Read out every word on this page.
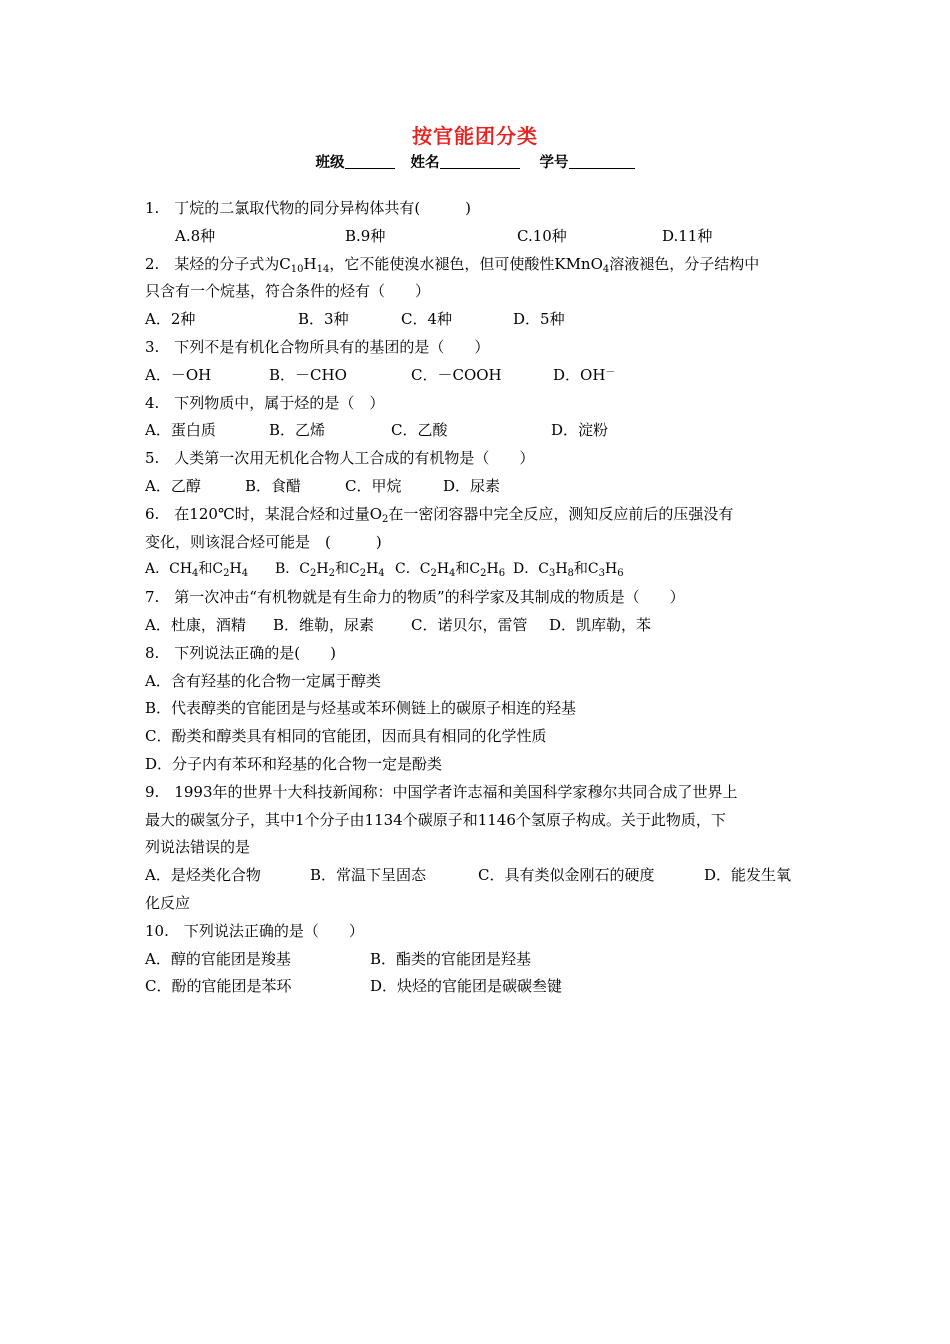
按官能团分类
班级	姓名	学号
1.　丁烷的二氯取代物的同分异构体共有(　　　)
A.8种	B.9种	C.10种	D.11种
2.　某烃的分子式为$C_{10}H_{14}$，它不能使溴水褪色，但可使酸性KMnO$_4$溶液褪色，分子结构中
只含有一个烷基，符合条件的烃有（　　）
A．2种	B．3种	C．4种	D．5种
3.　下列不是有机化合物所具有的基团的是（　　）
A．－OH	B．－CHO	C．－COOH	D．OH－
4.　下列物质中，属于烃的是（　）
A．蛋白质	B．乙烯	C．乙酸	D．淀粉
5.　人类第一次用无机化合物人工合成的有机物是（　　）
A．乙醇	B．食醋	C．甲烷	D．尿素
6.　在120℃时，某混合烃和过量$O_2$在一密闭容器中完全反应，测知反应前后的压强没有
变化，则该混合烃可能是　(　　　)
A．$CH_4$和$C_2H_4$ B．$C_2H_2$和$C_2H_4$ C．$C_2H_4$和$C_2H_6$ D．$C_3H_8$和$C_3H_6$
7.　第一次冲击“有机物就是有生命力的物质”的科学家及其制成的物质是（　　）
A．杜康，酒精 B．维勒，尿素 C．诺贝尔，雷管 D．凯库勒，苯
8.　下列说法正确的是(　　)
A．含有羟基的化合物一定属于醇类
B．代表醇类的官能团是与烃基或苯环侧链上的碳原子相连的羟基
C．酚类和醇类具有相同的官能团，因而具有相同的化学性质
D．分子内有苯环和羟基的化合物一定是酚类
9.　1993年的世界十大科技新闻称：中国学者许志福和美国科学家穆尔共同合成了世界上
最大的碳氢分子，其中1个分子由1134个碳原子和1146个氢原子构成。关于此物质，下
列说法错误的是
A．是烃类化合物	B．常温下呈固态	C．具有类似金刚石的硬度	D．能发生氧
化反应
10.　下列说法正确的是（　　）
A．醇的官能团是羧基	B．酯类的官能团是羟基
C．酚的官能团是苯环	D．炔烃的官能团是碳碳叁键
